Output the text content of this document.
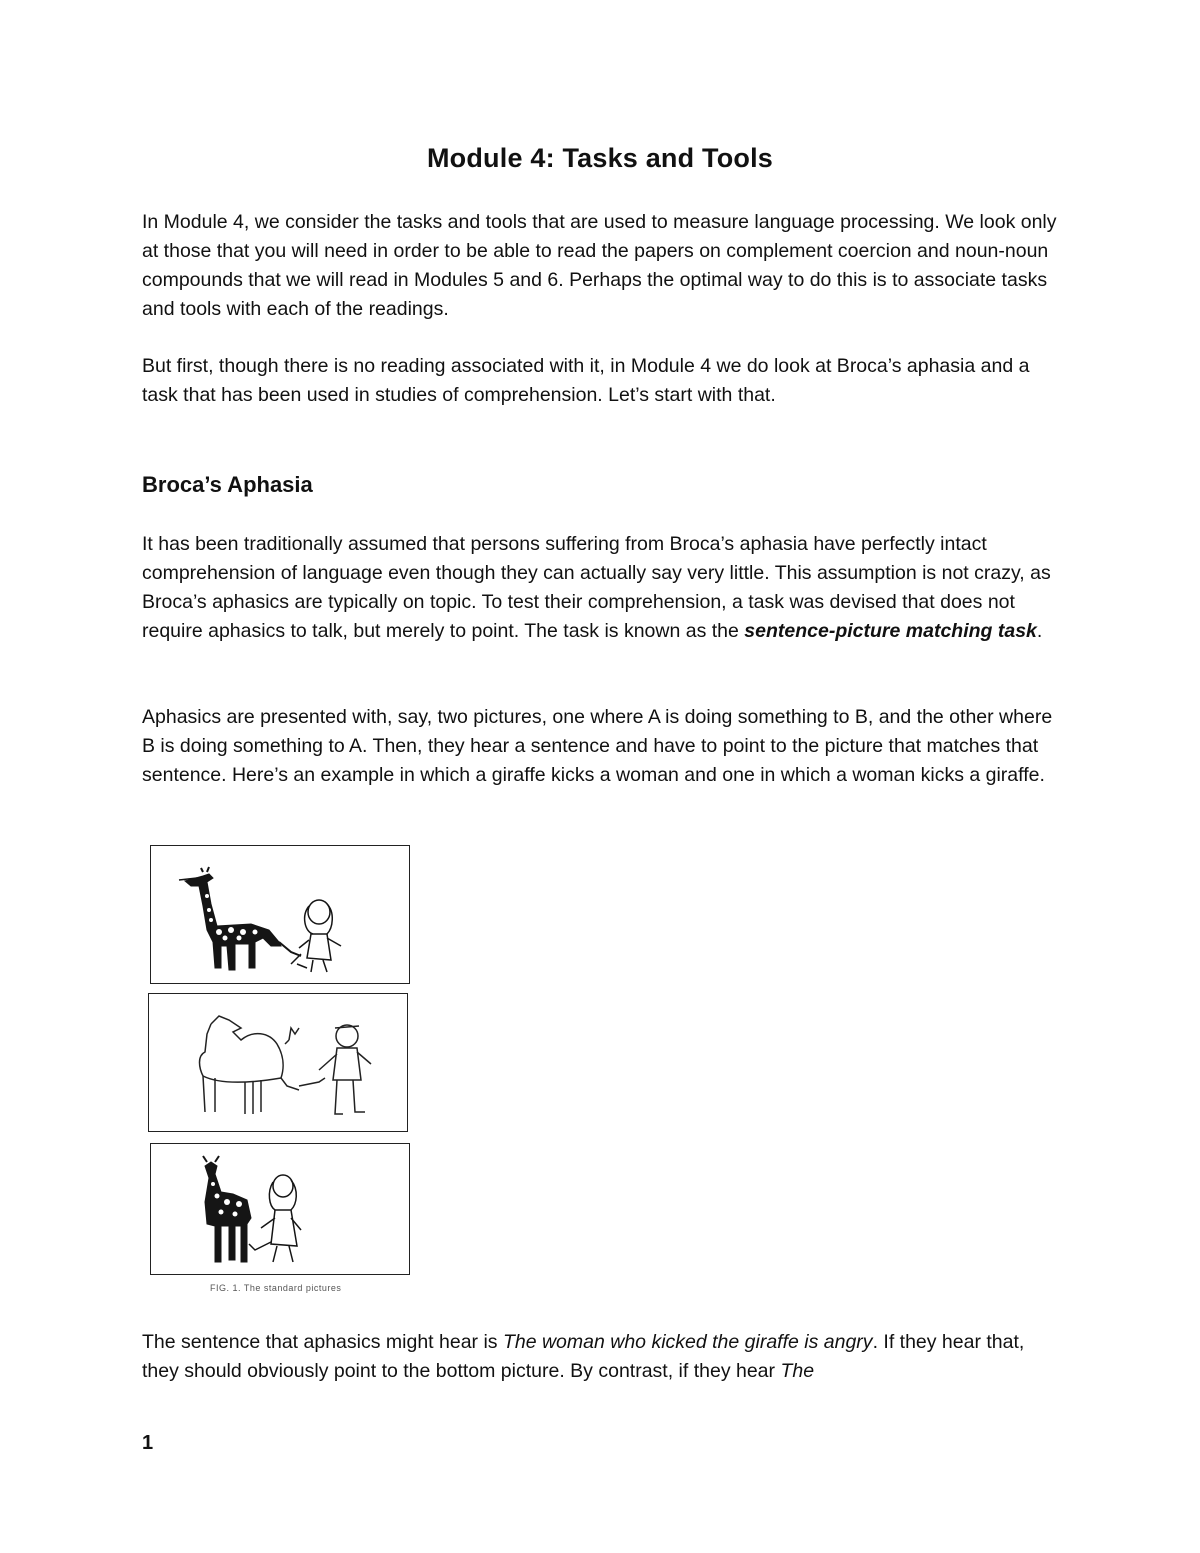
Module 4: Tasks and Tools

In Module 4, we consider the tasks and tools that are used to measure language processing. We look only at those that you will need in order to be able to read the papers on complement coercion and noun-noun compounds that we will read in Modules 5 and 6. Perhaps the optimal way to do this is to associate tasks and tools with each of the readings.

But first, though there is no reading associated with it, in Module 4 we do look at Broca’s aphasia and a task that has been used in studies of comprehension. Let’s start with that.

Broca’s Aphasia

It has been traditionally assumed that persons suffering from Broca’s aphasia have perfectly intact comprehension of language even though they can actually say very little. This assumption is not crazy, as Broca’s aphasics are typically on topic. To test their comprehension, a task was devised that does not require aphasics to talk, but merely to point. The task is known as the sentence-picture matching task.

Aphasics are presented with, say, two pictures, one where A is doing something to B, and the other where B is doing something to A. Then, they hear a sentence and have to point to the picture that matches that sentence. Here’s an example in which a giraffe kicks a woman and one in which a woman kicks a giraffe.

FIG. 1. The standard pictures

The sentence that aphasics might hear is The woman who kicked the giraffe is angry. If they hear that, they should obviously point to the bottom picture. By contrast, if they hear The

1
